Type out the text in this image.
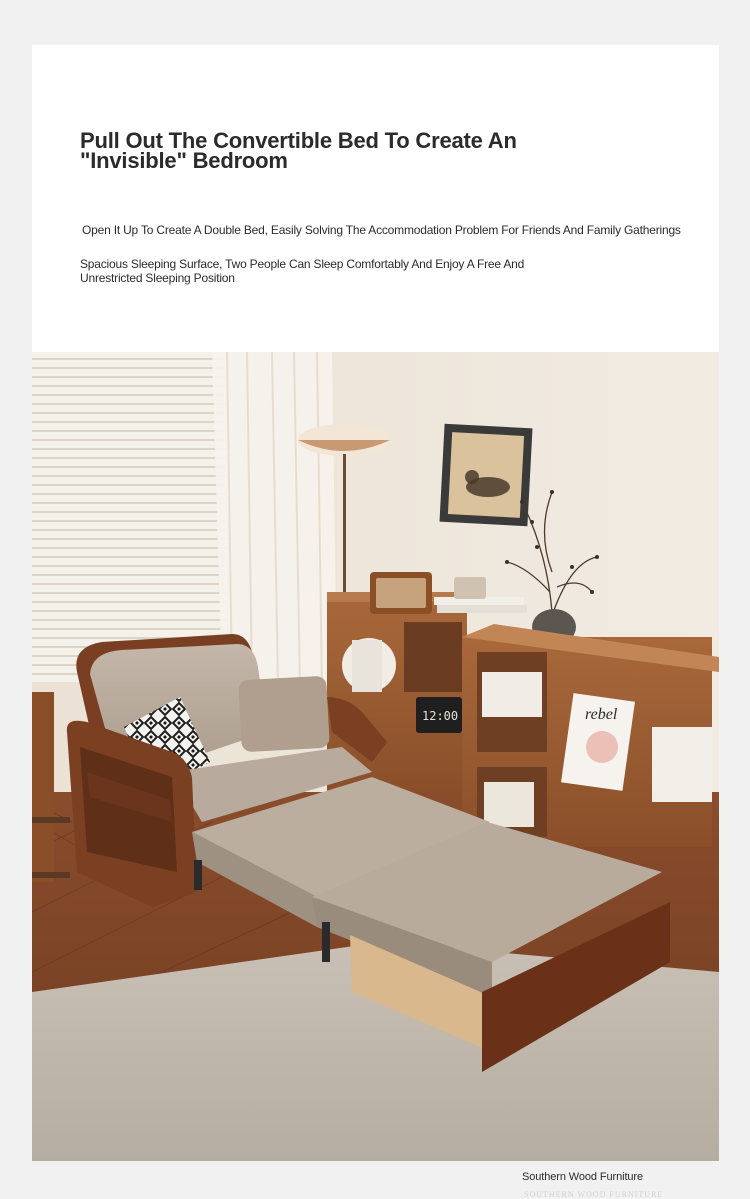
Pull Out The Convertible Bed To Create An "Invisible" Bedroom
Open It Up To Create A Double Bed, Easily Solving The Accommodation Problem For Friends And Family Gatherings
Spacious Sleeping Surface, Two People Can Sleep Comfortably And Enjoy A Free And Unrestricted Sleeping Position
12:00	rebel
Southern Wood Furniture
SOUTHERN WOOD FURNITURE
